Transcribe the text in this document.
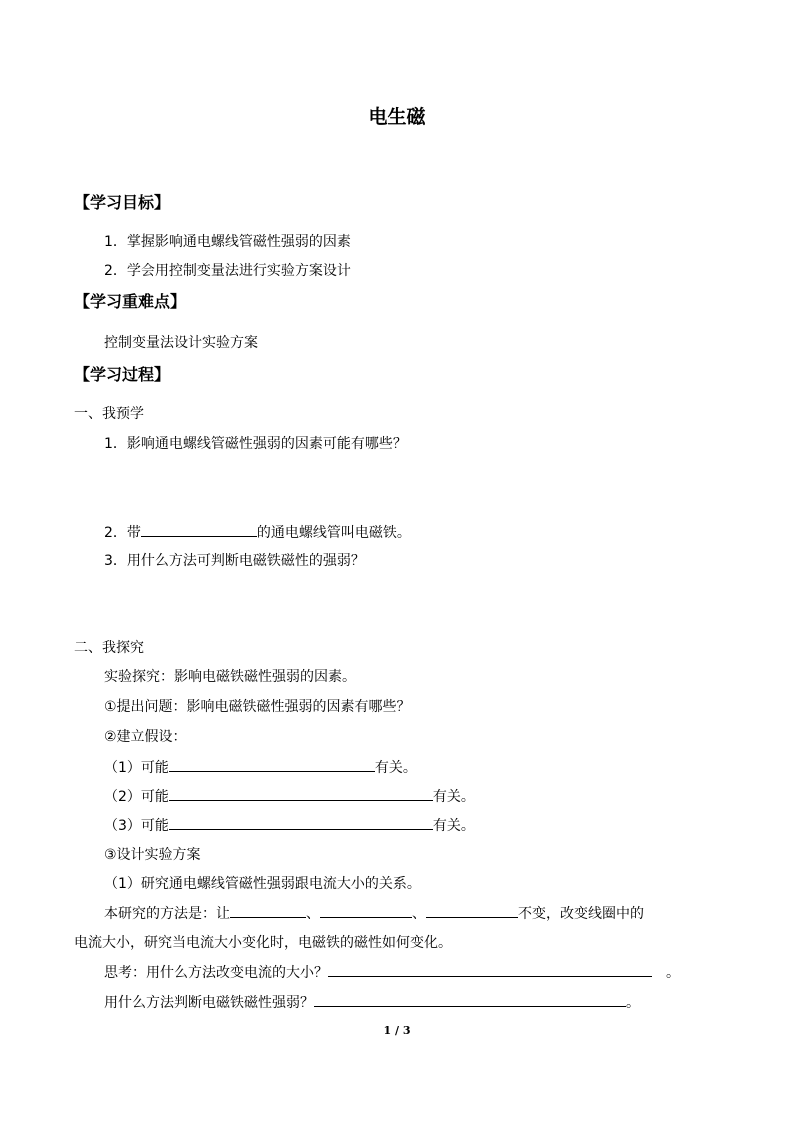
电生磁
【学习目标】
1．掌握影响通电螺线管磁性强弱的因素
2．学会用控制变量法进行实验方案设计
【学习重难点】
控制变量法设计实验方案
【学习过程】
一、我预学
1．影响通电螺线管磁性强弱的因素可能有哪些？
2．带	的通电螺线管叫电磁铁。
3．用什么方法可判断电磁铁磁性的强弱？
二、我探究
实验探究：影响电磁铁磁性强弱的因素。
①提出问题：影响电磁铁磁性强弱的因素有哪些？
②建立假设：
（1）可能	有关。
（2）可能	有关。
（3）可能	有关。
③设计实验方案
（1）研究通电螺线管磁性强弱跟电流大小的关系。
本研究的方法是：让	、	、	不变，改变线圈中的
电流大小，研究当电流大小变化时，电磁铁的磁性如何变化。
思考：用什么方法改变电流的大小？	　。
用什么方法判断电磁铁磁性强弱？	。
1 / 3
